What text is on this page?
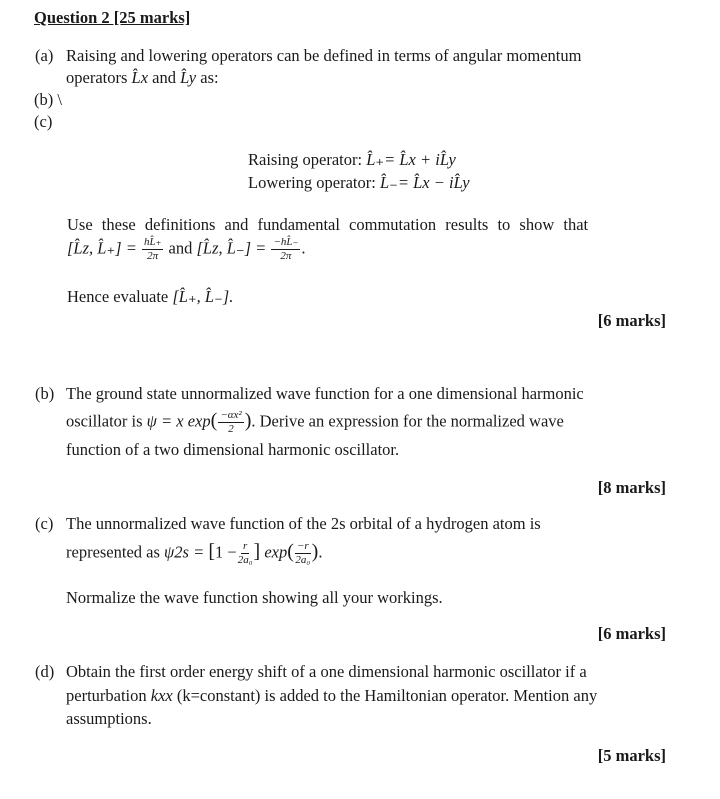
Question 2 [25 marks]
(a) Raising and lowering operators can be defined in terms of angular momentum
operators L̂x and L̂y as:
(b) \
(c)
Raising operator: L̂₊= L̂x + iL̂y
Lowering operator: L̂₋= L̂x − iL̂y
Use these definitions and fundamental commutation results to show that
[L̂z, L̂₊] = $\frac{hL̂_+}{2\pi}$ and [L̂z, L̂₋] = $\frac{-hL̂_-}{2\pi}$ .
Hence evaluate [L̂₊, L̂₋].
[6 marks]
(b) The ground state unnormalized wave function for a one dimensional harmonic
oscillator is ψ = x $\exp( \frac{\text{−αx²}}{2}$ ). Derive an expression for the normalized wave
function of a two dimensional harmonic oscillator.
[8 marks]
(c) The unnormalized wave function of the 2s orbital of a hydrogen atom is
represented as $\psi 2s = [1 - \frac{r}{\text{2a₀}}$ ] $\exp( \frac{-r}{\text{2a₀}}$ ).
Normalize the wave function showing all your workings.
[6 marks]
(d) Obtain the first order energy shift of a one dimensional harmonic oscillator if a
perturbation kxx (k=constant) is added to the Hamiltonian operator. Mention any
assumptions.
[5 marks]
